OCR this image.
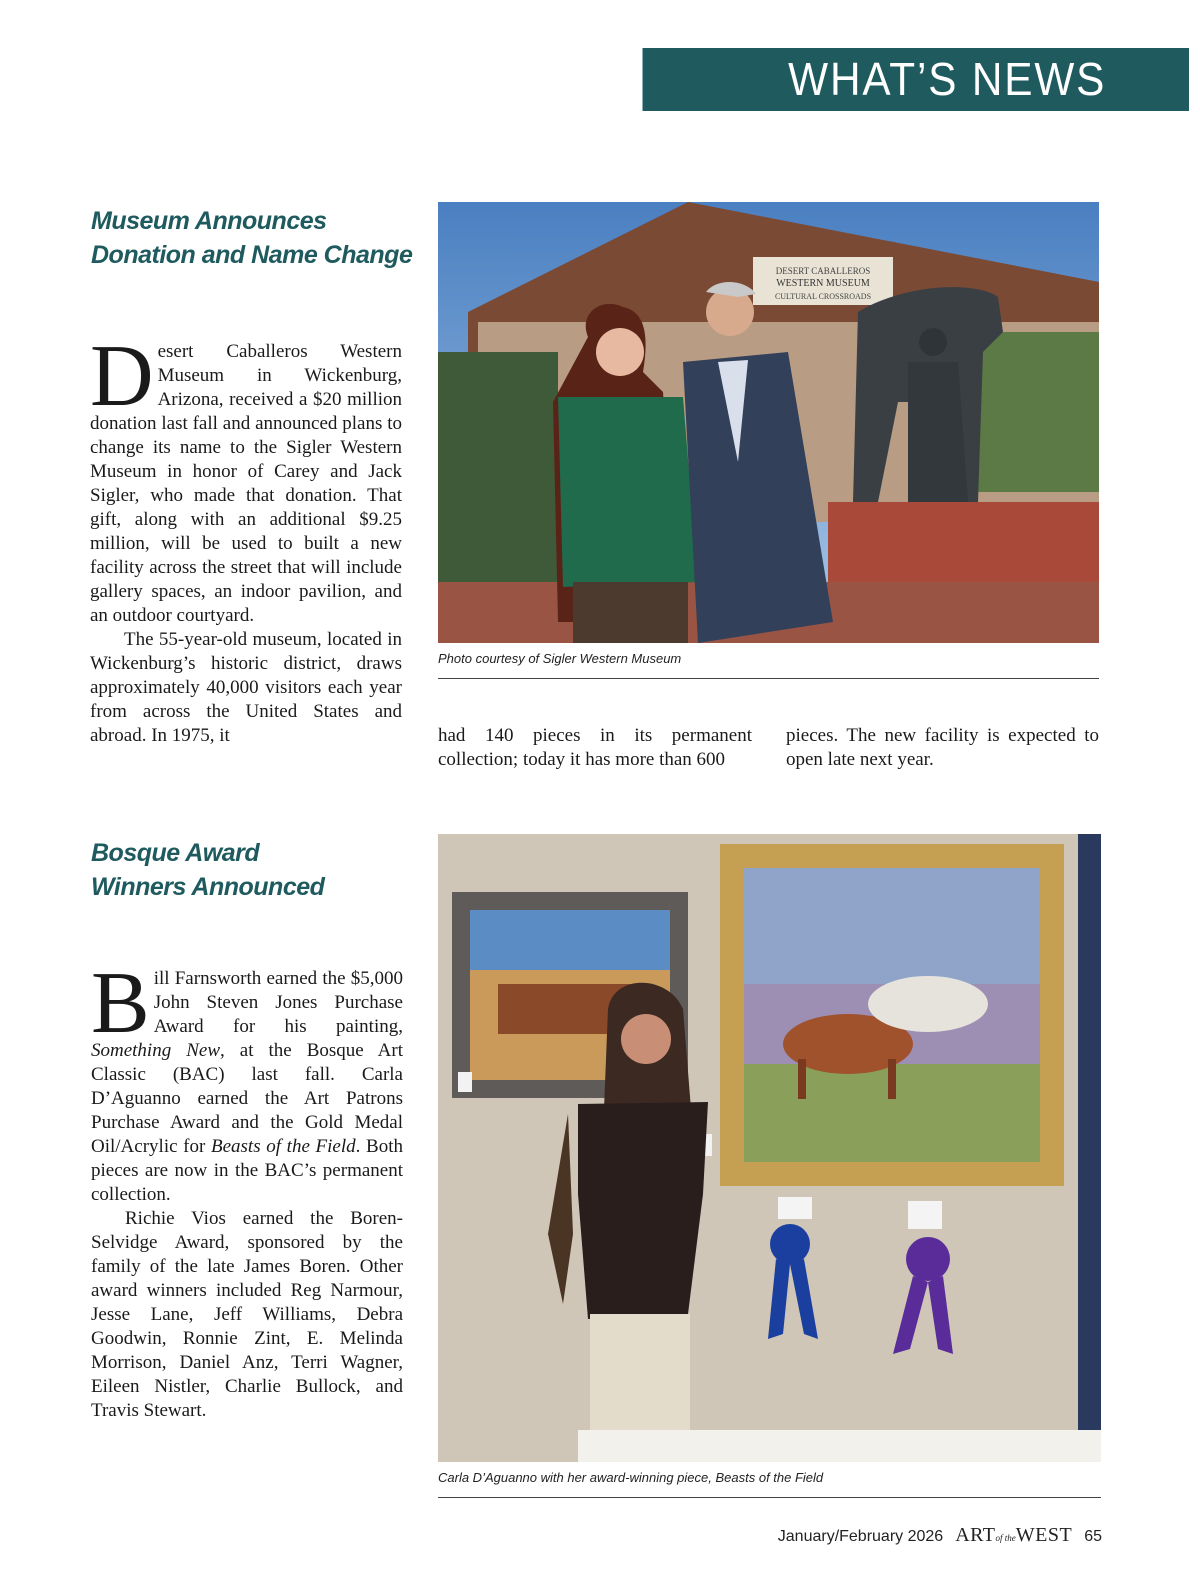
WHAT’S NEWS
Museum Announces
Donation and Name Change

Desert Caballeros Western Museum in Wickenburg, Arizona, received a $20 million donation last fall and announced plans to change its name to the Sigler Western Museum in honor of Carey and Jack Sigler, who made that donation. That gift, along with an additional $9.25 million, will be used to built a new facility across the street that will include gallery spaces, an indoor pavilion, and an outdoor courtyard.

The 55-year-old museum, located in Wickenburg’s historic district, draws approximately 40,000 visitors each year from across the United States and abroad. In 1975, it

DESERT CABALLEROS
WESTERN MUSEUM
CULTURAL CROSSROADS
Photo courtesy of Sigler Western Museum

had 140 pieces in its permanent collection; today it has more than 600

pieces. The new facility is expected to open late next year.

Bosque Award
Winners Announced

Bill Farnsworth earned the $5,000 John Steven Jones Purchase Award for his painting, Something New, at the Bosque Art Classic (BAC) last fall. Carla D’Aguanno earned the Art Patrons Purchase Award and the Gold Medal Oil/Acrylic for Beasts of the Field. Both pieces are now in the BAC’s permanent collection.

Richie Vios earned the Boren-Selvidge Award, sponsored by the family of the late James Boren. Other award winners included Reg Narmour, Jesse Lane, Jeff Williams, Debra Goodwin, Ronnie Zint, E. Melinda Morrison, Daniel Anz, Terri Wagner, Eileen Nistler, Charlie Bullock, and Travis Stewart.

Carla D’Aguanno with her award-winning piece, Beasts of the Field
January/February 2026 ARTof theWEST 65
